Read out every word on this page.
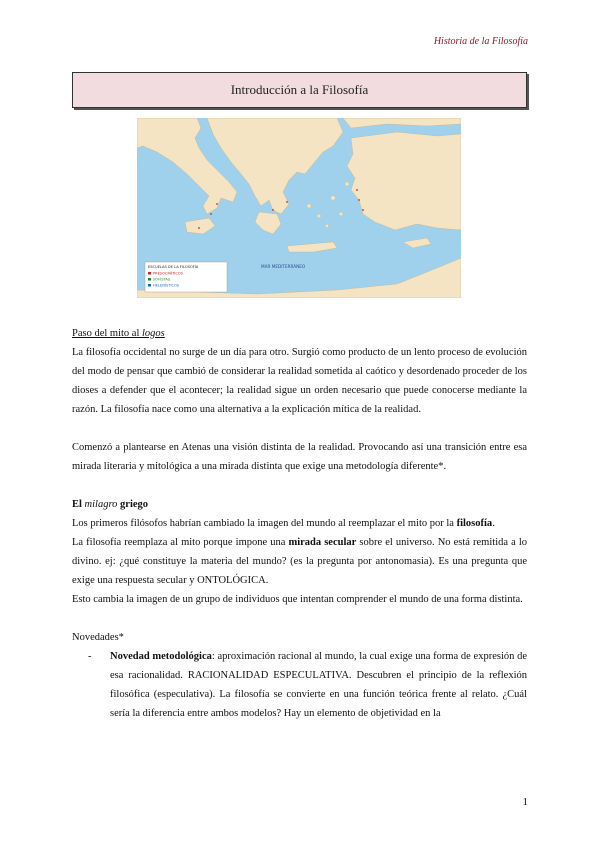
Historia de la Filosofía
Introducción a la Filosofía
MAR MEDITERRÁNEO
ESCUELAS DE LA FILOSOFÍA
PRESOCRÁTICOS
SOFISTAS
HELENÍSTICOS

Paso del mito al logos

La filosofía occidental no surge de un día para otro. Surgió como producto de un lento proceso de evolución del modo de pensar que cambió de considerar la realidad sometida al caótico y desordenado proceder de los dioses a defender que el acontecer; la realidad sigue un orden necesario que puede conocerse mediante la razón. La filosofía nace como una alternativa a la explicación mítica de la realidad.

Comenzó a plantearse en Atenas una visión distinta de la realidad. Provocando así una transición entre esa mirada literaria y mitológica a una mirada distinta que exige una metodología diferente*.

El milagro griego

Los primeros filósofos habrían cambiado la imagen del mundo al reemplazar el mito por la filosofía.

La filosofía reemplaza al mito porque impone una mirada secular sobre el universo. No está remitida a lo divino. ej: ¿qué constituye la materia del mundo? (es la pregunta por antonomasia). Es una pregunta que exige una respuesta secular y ONTOLÓGICA.

Esto cambia la imagen de un grupo de individuos que intentan comprender el mundo de una forma distinta.

Novedades*

-	Novedad metodológica: aproximación racional al mundo, la cual exige una forma de expresión de esa racionalidad. RACIONALIDAD ESPECULATIVA. Descubren el principio de la reflexión filosófica (especulativa). La filosofía se convierte en una función teórica frente al relato. ¿Cuál sería la diferencia entre ambos modelos? Hay un elemento de objetividad en la
1
